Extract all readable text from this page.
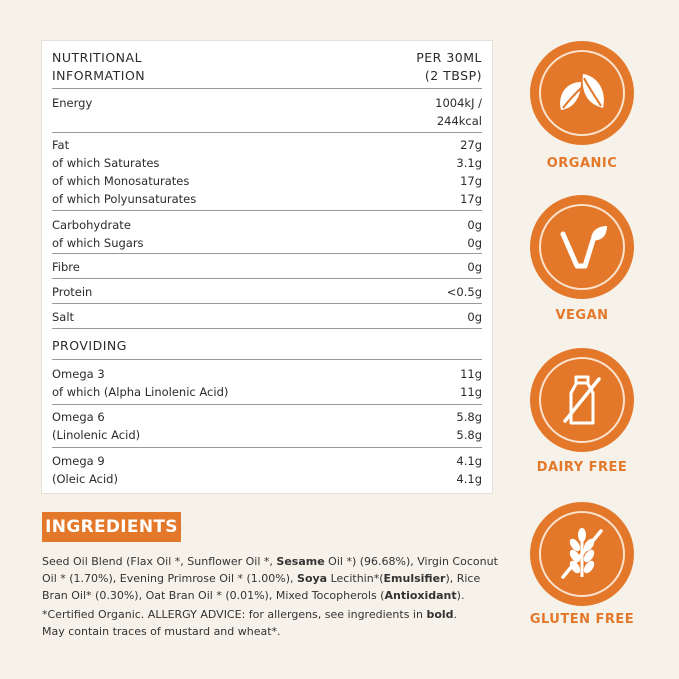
NUTRITIONAL	PER 30ML
INFORMATION	(2 TBSP)
Energy	1004kJ /
244kcal
Fat	27g
of which Saturates	3.1g
of which Monosaturates	17g
of which Polyunsaturates	17g
Carbohydrate	0g
of which Sugars	0g
Fibre	0g
Protein	<0.5g
Salt	0g
PROVIDING
Omega 3	11g
of which (Alpha Linolenic Acid)	11g
Omega 6	5.8g
(Linolenic Acid)	5.8g
Omega 9	4.1g
(Oleic Acid)	4.1g
INGREDIENTS
Seed Oil Blend (Flax Oil *, Sunflower Oil *, Sesame Oil *) (96.68%), Virgin Coconut Oil * (1.70%), Evening Primrose Oil * (1.00%), Soya Lecithin*(Emulsifier), Rice Bran Oil* (0.30%), Oat Bran Oil * (0.01%), Mixed Tocopherols (Antioxidant).
*Certified Organic. ALLERGY ADVICE: for allergens, see ingredients in bold.
May contain traces of mustard and wheat*.
ORGANIC
VEGAN
DAIRY FREE
GLUTEN FREE
